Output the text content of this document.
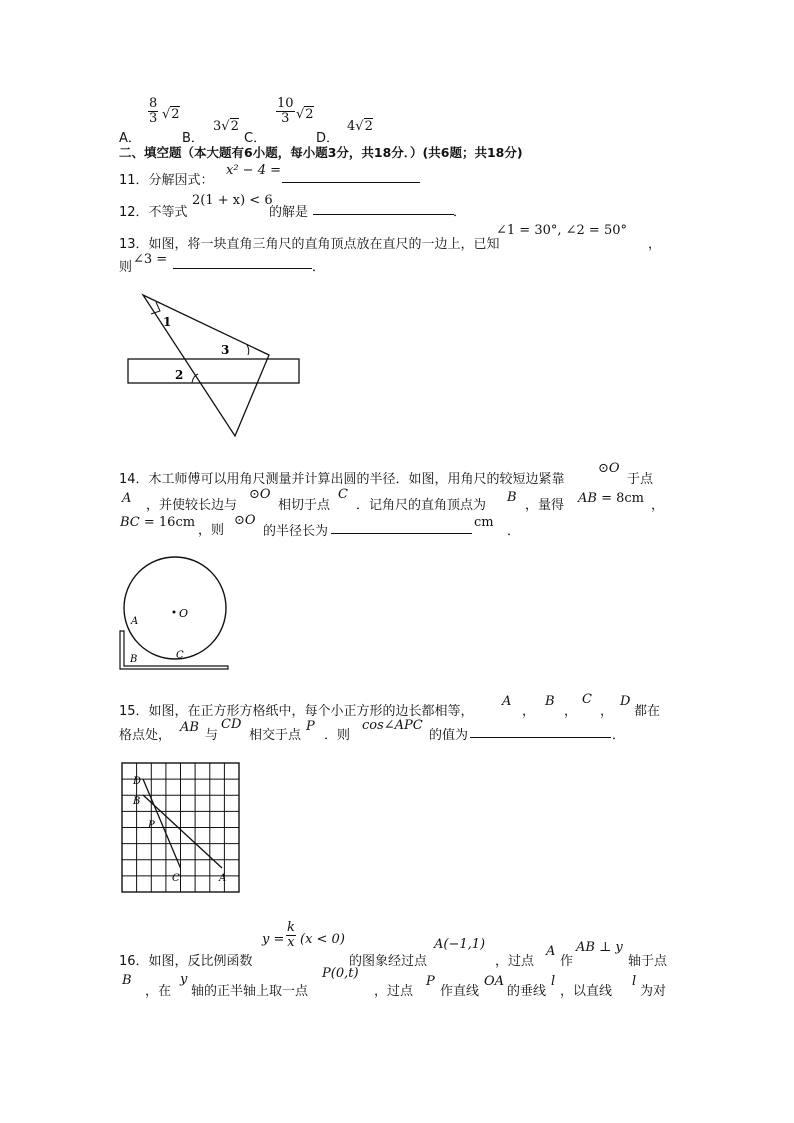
A．
$\frac{8}{3} √2$
B．
3√2
C．
$\frac{10}{3} √2$
D．
4√2
二、填空题（本大题有6小题，每小题3分，共18分．）(共6题；共18分)
11．分解因式：
x² − 4 =
12．不等式
2(1 + x) < 6
的解是	．
13．如图，将一块直角三角尺的直角顶点放在直尺的一边上，已知
∠1 = 30°, ∠2 = 50°
，
则
∠3 =
．
1
3
2
14．木工师傅可以用角尺测量并计算出圆的半径．如图，用角尺的较短边紧靠
⊙O
于点
A ，并使较长边与
⊙O
相切于点
C
．记角尺的直角顶点为
B
，量得 AB = 8cm ，
BC = 16cm
，则
⊙O
的半径长为
cm
．
O
A
B	C
15．如图，在正方形方格纸中，每个小正方形的边长都相等，
A
，
B
，
C
，
D
都在
格点处，
AB
与
CD
相交于点
P
．则
cos∠APC
的值为	．
D
B
P
C	A
16．如图，反比例函数
$y = \frac{k}{x} (x < 0)$
的图象经过点
A(−1,1)
，过点
A
作
AB ⊥ y
轴于点
B
，在
y
轴的正半轴上取一点
P(0,t)
，过点
P
作直线
OA
的垂线
l
，以直线
l
为对
